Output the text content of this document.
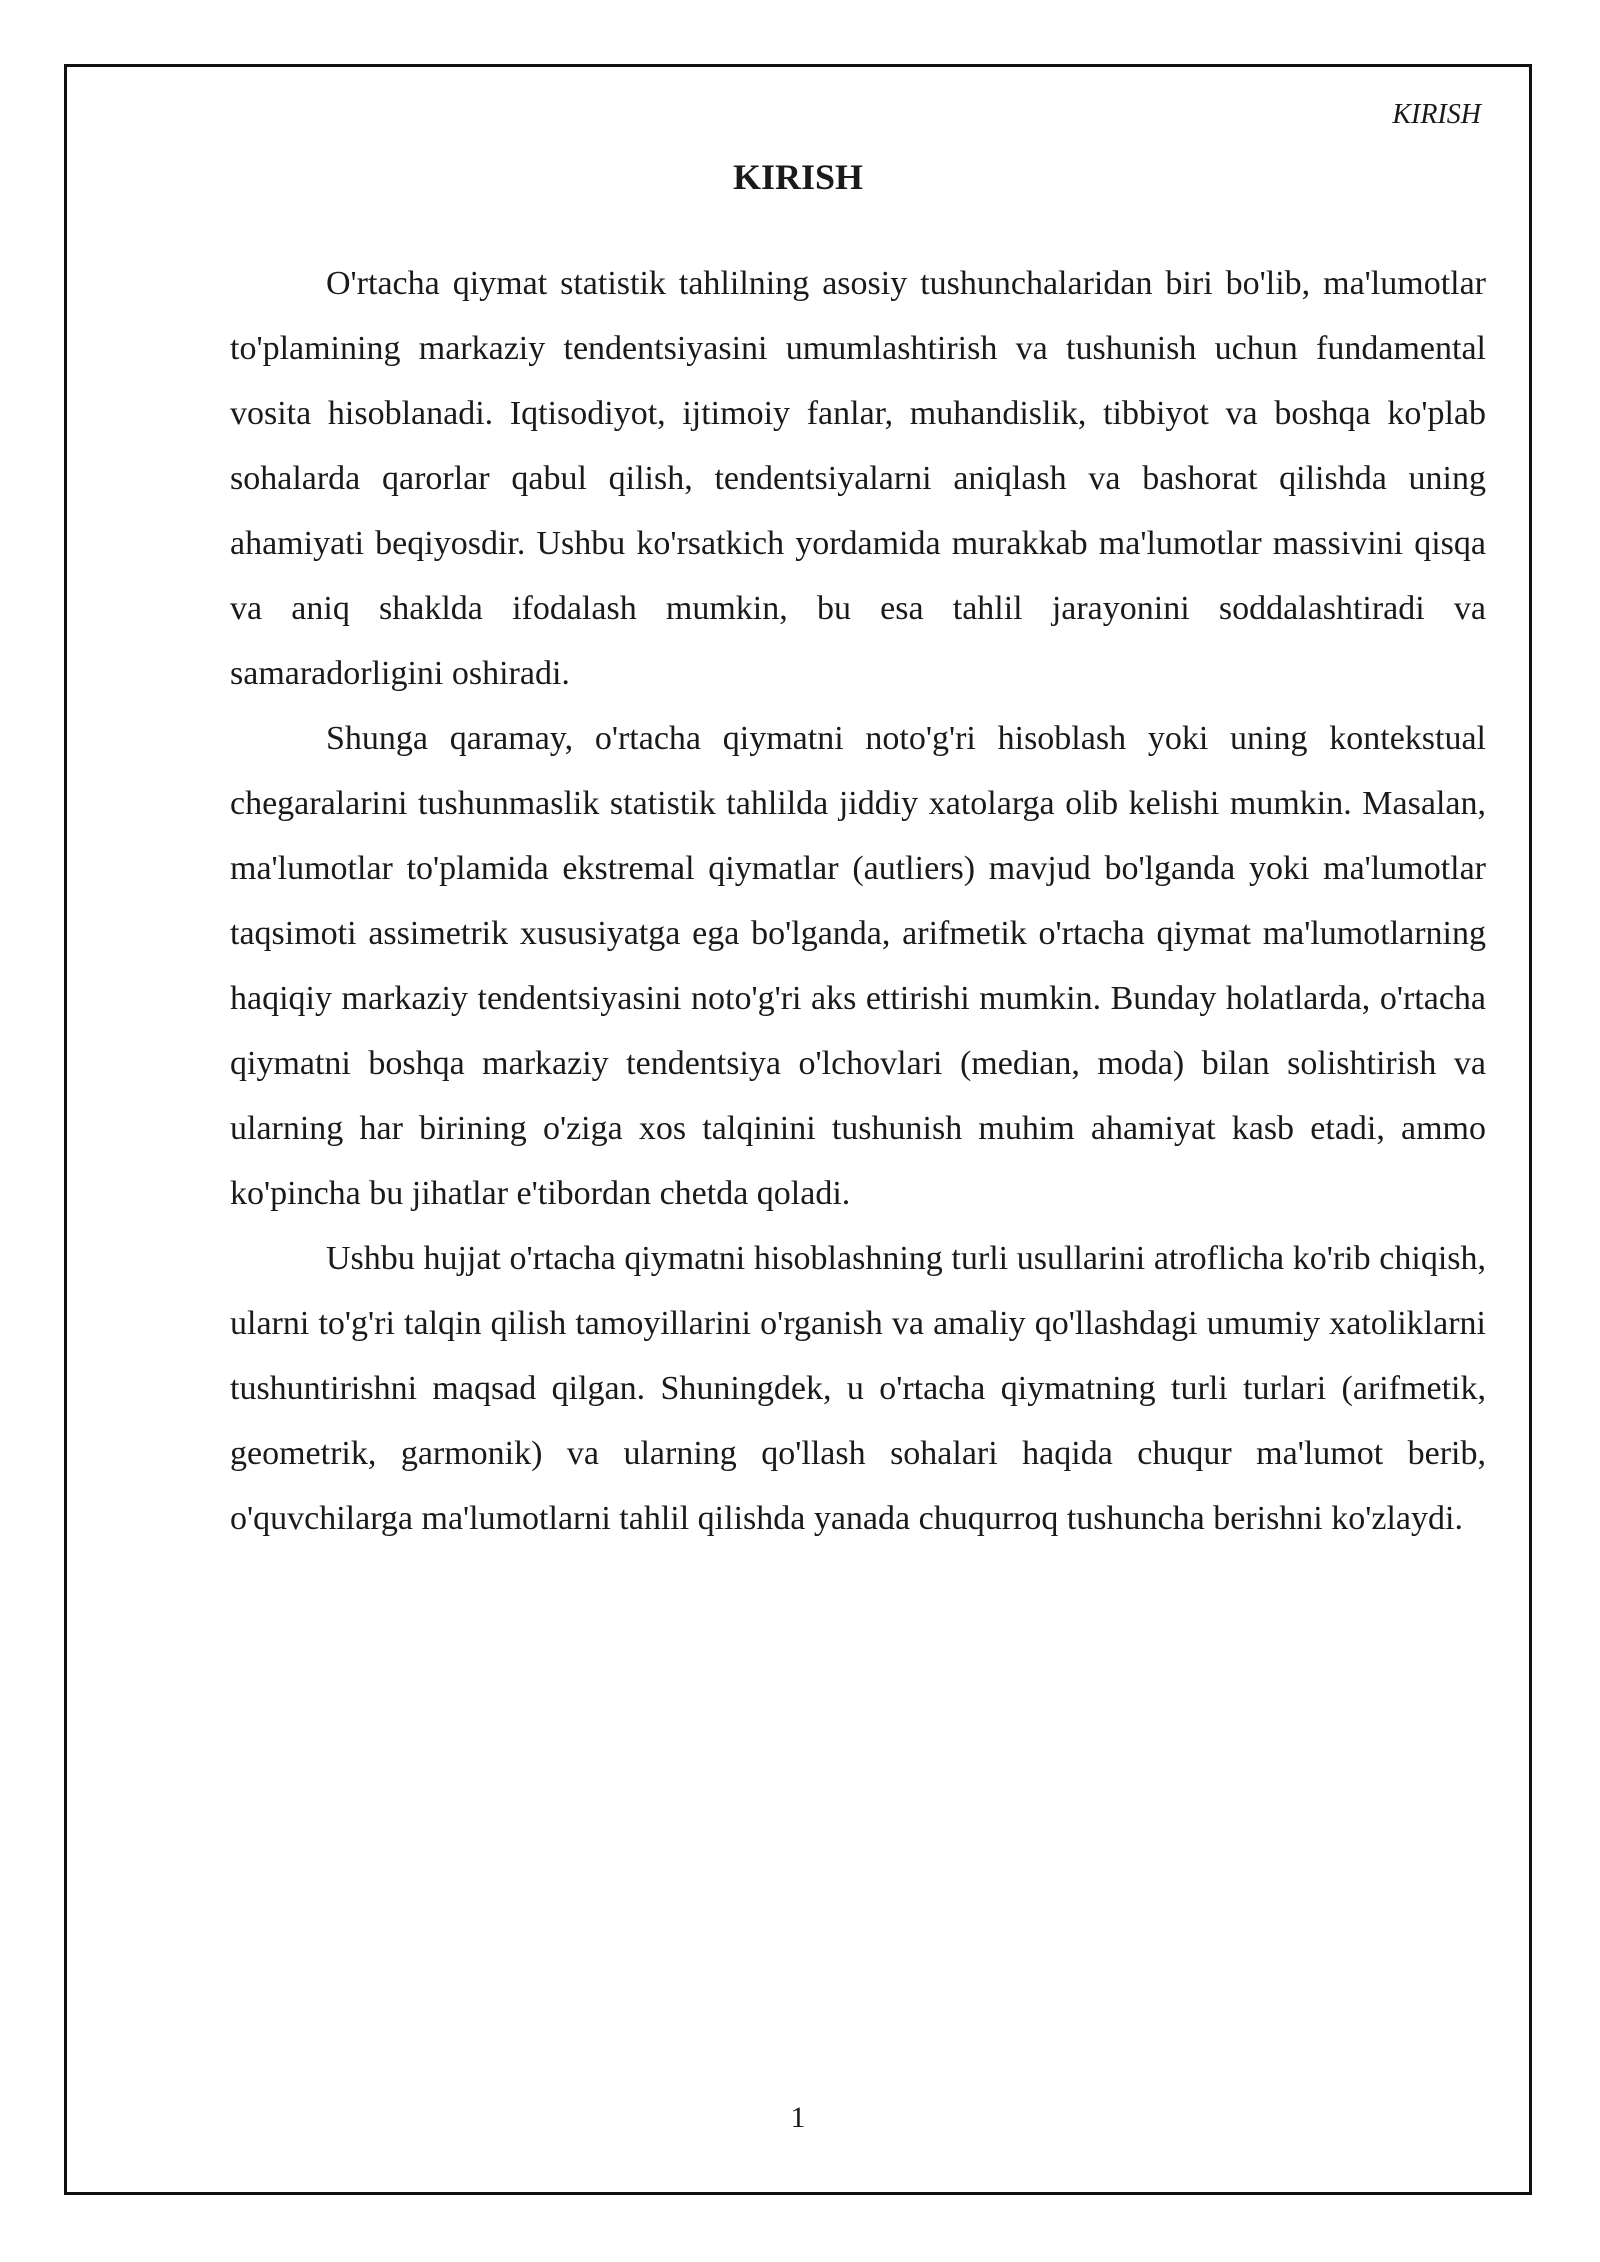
KIRISH
KIRISH

O'rtacha qiymat statistik tahlilning asosiy tushunchalaridan biri bo'lib, ma'lumotlar to'plamining markaziy tendentsiyasini umumlashtirish va tushunish uchun fundamental vosita hisoblanadi. Iqtisodiyot, ijtimoiy fanlar, muhandislik, tibbiyot va boshqa ko'plab sohalarda qarorlar qabul qilish, tendentsiyalarni aniqlash va bashorat qilishda uning ahamiyati beqiyosdir. Ushbu ko'rsatkich yordamida murakkab ma'lumotlar massivini qisqa va aniq shaklda ifodalash mumkin, bu esa tahlil jarayonini soddalashtiradi va samaradorligini oshiradi.

Shunga qaramay, o'rtacha qiymatni noto'g'ri hisoblash yoki uning kontekstual chegaralarini tushunmaslik statistik tahlilda jiddiy xatolarga olib kelishi mumkin. Masalan, ma'lumotlar to'plamida ekstremal qiymatlar (autliers) mavjud bo'lganda yoki ma'lumotlar taqsimoti assimetrik xususiyatga ega bo'lganda, arifmetik o'rtacha qiymat ma'lumotlarning haqiqiy markaziy tendentsiyasini noto'g'ri aks ettirishi mumkin. Bunday holatlarda, o'rtacha qiymatni boshqa markaziy tendentsiya o'lchovlari (median, moda) bilan solishtirish va ularning har birining o'ziga xos talqinini tushunish muhim ahamiyat kasb etadi, ammo ko'pincha bu jihatlar e'tibordan chetda qoladi.

Ushbu hujjat o'rtacha qiymatni hisoblashning turli usullarini atroflicha ko'rib chiqish, ularni to'g'ri talqin qilish tamoyillarini o'rganish va amaliy qo'llashdagi umumiy xatoliklarni tushuntirishni maqsad qilgan. Shuningdek, u o'rtacha qiymatning turli turlari (arifmetik, geometrik, garmonik) va ularning qo'llash sohalari haqida chuqur ma'lumot berib, o'quvchilarga ma'lumotlarni tahlil qilishda yanada chuqurroq tushuncha berishni ko'zlaydi.

1
